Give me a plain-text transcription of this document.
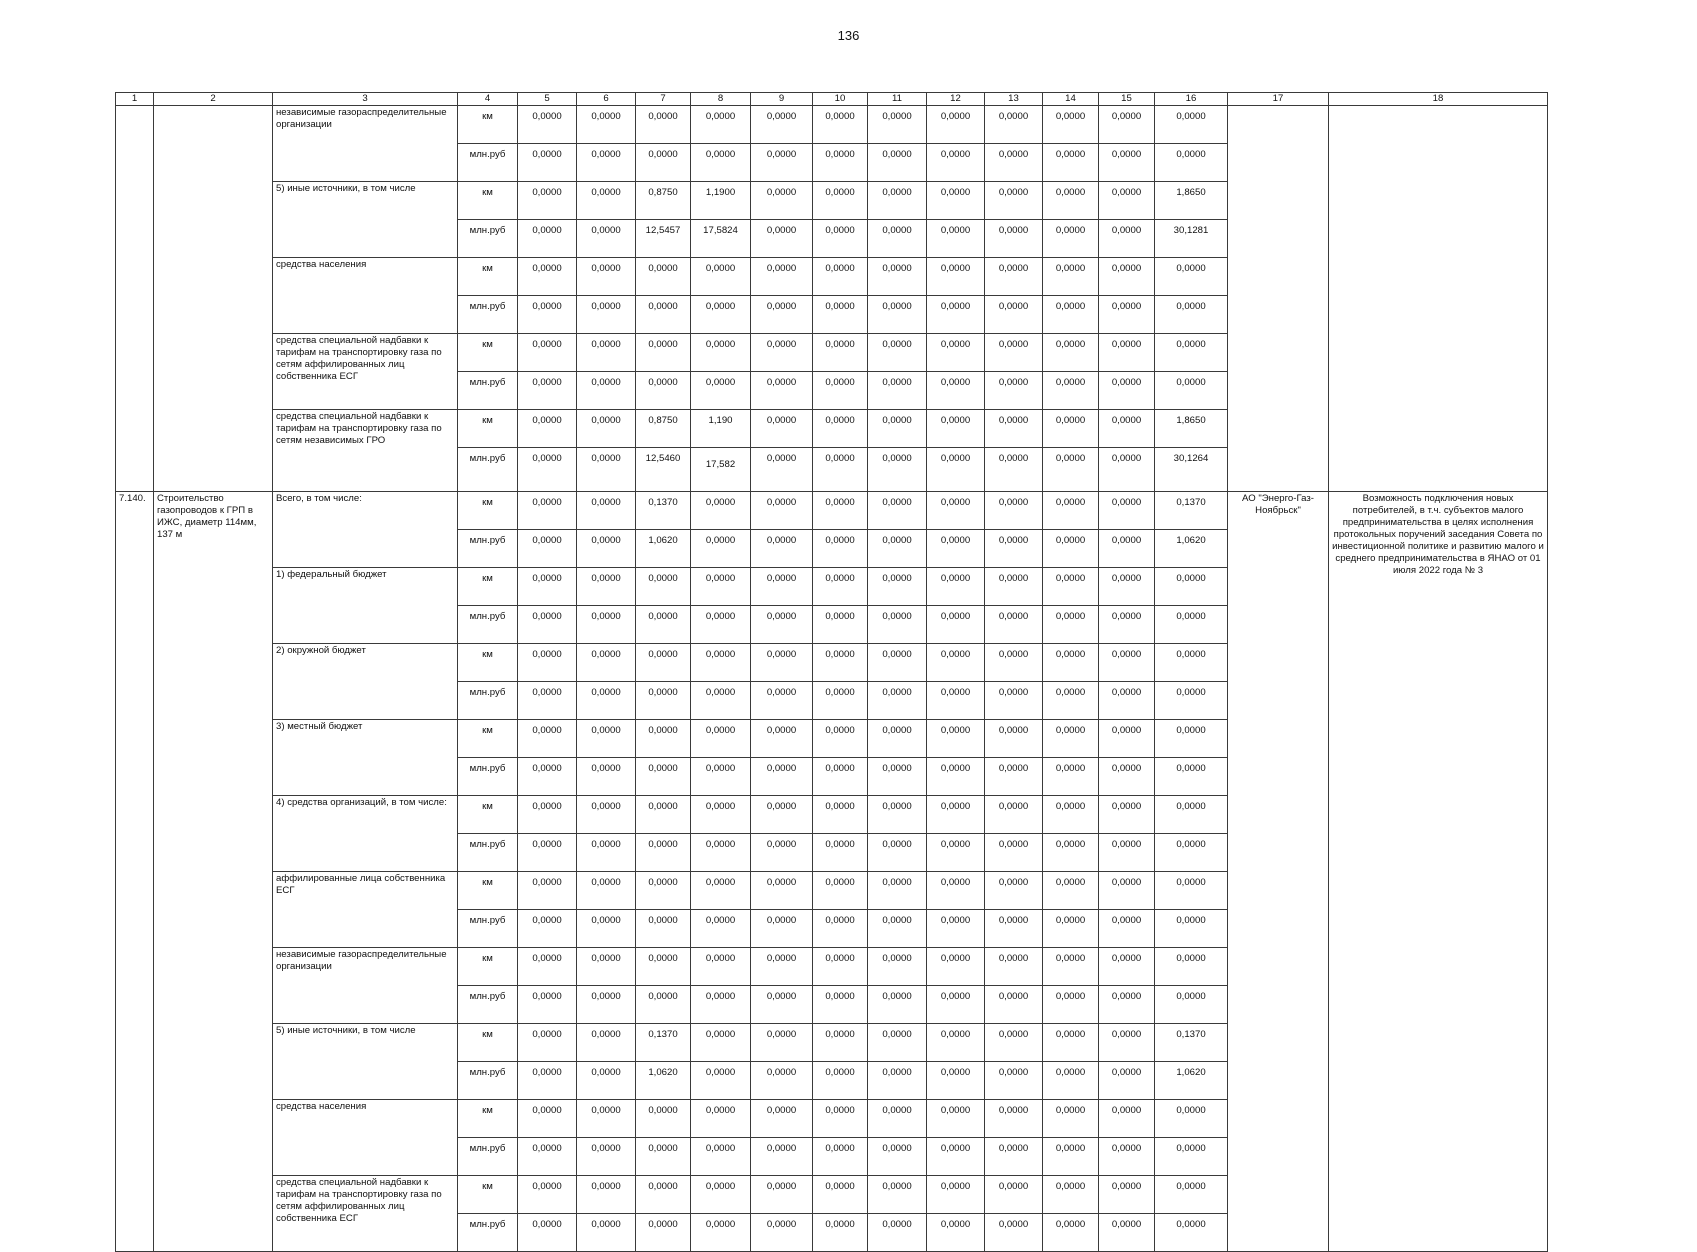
136
1	2	3	4	5	6	7	8	9	10	11	12	13	14	15	16	17	18
		независимые газораспределительные организации	км	0,0000	0,0000	0,0000	0,0000	0,0000	0,0000	0,0000	0,0000	0,0000	0,0000	0,0000	0,0000		
			млн.руб	0,0000	0,0000	0,0000	0,0000	0,0000	0,0000	0,0000	0,0000	0,0000	0,0000	0,0000	0,0000		
		5) иные источники, в том числе	км	0,0000	0,0000	0,8750	1,1900	0,0000	0,0000	0,0000	0,0000	0,0000	0,0000	0,0000	1,8650		
			млн.руб	0,0000	0,0000	12,5457	17,5824	0,0000	0,0000	0,0000	0,0000	0,0000	0,0000	0,0000	30,1281		
		средства населения	км	0,0000	0,0000	0,0000	0,0000	0,0000	0,0000	0,0000	0,0000	0,0000	0,0000	0,0000	0,0000		
			млн.руб	0,0000	0,0000	0,0000	0,0000	0,0000	0,0000	0,0000	0,0000	0,0000	0,0000	0,0000	0,0000		
		средства специальной надбавки к тарифам на транспортировку газа по сетям аффилированных лиц собственника ЕСГ	км	0,0000	0,0000	0,0000	0,0000	0,0000	0,0000	0,0000	0,0000	0,0000	0,0000	0,0000	0,0000		
			млн.руб	0,0000	0,0000	0,0000	0,0000	0,0000	0,0000	0,0000	0,0000	0,0000	0,0000	0,0000	0,0000		
		средства специальной надбавки к тарифам на транспортировку газа по сетям независимых ГРО	км	0,0000	0,0000	0,8750	1,190	0,0000	0,0000	0,0000	0,0000	0,0000	0,0000	0,0000	1,8650		
			млн.руб	0,0000	0,0000	12,5460	17,582	0,0000	0,0000	0,0000	0,0000	0,0000	0,0000	0,0000	30,1264		
7.140.	Строительство газопроводов к ГРП в ИЖС, диаметр 114мм, 137 м	Всего, в том числе:	км	0,0000	0,0000	0,1370	0,0000	0,0000	0,0000	0,0000	0,0000	0,0000	0,0000	0,0000	0,1370	АО "Энерго-Газ-Ноябрьск"	Возможность подключения новых потребителей, в т.ч. субъектов малого предпринимательства в целях исполнения протокольных поручений заседания Совета по инвестиционной политике и развитию малого и среднего предпринимательства в ЯНАО от 01 июля 2022 года № 3
			млн.руб	0,0000	0,0000	1,0620	0,0000	0,0000	0,0000	0,0000	0,0000	0,0000	0,0000	0,0000	1,0620		
		1) федеральный бюджет	км	0,0000	0,0000	0,0000	0,0000	0,0000	0,0000	0,0000	0,0000	0,0000	0,0000	0,0000	0,0000		
			млн.руб	0,0000	0,0000	0,0000	0,0000	0,0000	0,0000	0,0000	0,0000	0,0000	0,0000	0,0000	0,0000		
		2) окружной бюджет	км	0,0000	0,0000	0,0000	0,0000	0,0000	0,0000	0,0000	0,0000	0,0000	0,0000	0,0000	0,0000		
			млн.руб	0,0000	0,0000	0,0000	0,0000	0,0000	0,0000	0,0000	0,0000	0,0000	0,0000	0,0000	0,0000		
		3) местный бюджет	км	0,0000	0,0000	0,0000	0,0000	0,0000	0,0000	0,0000	0,0000	0,0000	0,0000	0,0000	0,0000		
			млн.руб	0,0000	0,0000	0,0000	0,0000	0,0000	0,0000	0,0000	0,0000	0,0000	0,0000	0,0000	0,0000		
		4) средства организаций, в том числе:	км	0,0000	0,0000	0,0000	0,0000	0,0000	0,0000	0,0000	0,0000	0,0000	0,0000	0,0000	0,0000		
			млн.руб	0,0000	0,0000	0,0000	0,0000	0,0000	0,0000	0,0000	0,0000	0,0000	0,0000	0,0000	0,0000		
		аффилированные лица собственника ЕСГ	км	0,0000	0,0000	0,0000	0,0000	0,0000	0,0000	0,0000	0,0000	0,0000	0,0000	0,0000	0,0000		
			млн.руб	0,0000	0,0000	0,0000	0,0000	0,0000	0,0000	0,0000	0,0000	0,0000	0,0000	0,0000	0,0000		
		независимые газораспределительные организации	км	0,0000	0,0000	0,0000	0,0000	0,0000	0,0000	0,0000	0,0000	0,0000	0,0000	0,0000	0,0000		
			млн.руб	0,0000	0,0000	0,0000	0,0000	0,0000	0,0000	0,0000	0,0000	0,0000	0,0000	0,0000	0,0000		
		5) иные источники, в том числе	км	0,0000	0,0000	0,1370	0,0000	0,0000	0,0000	0,0000	0,0000	0,0000	0,0000	0,0000	0,1370		
			млн.руб	0,0000	0,0000	1,0620	0,0000	0,0000	0,0000	0,0000	0,0000	0,0000	0,0000	0,0000	1,0620		
		средства населения	км	0,0000	0,0000	0,0000	0,0000	0,0000	0,0000	0,0000	0,0000	0,0000	0,0000	0,0000	0,0000		
			млн.руб	0,0000	0,0000	0,0000	0,0000	0,0000	0,0000	0,0000	0,0000	0,0000	0,0000	0,0000	0,0000		
		средства специальной надбавки к тарифам на транспортировку газа по сетям аффилированных лиц собственника ЕСГ	км	0,0000	0,0000	0,0000	0,0000	0,0000	0,0000	0,0000	0,0000	0,0000	0,0000	0,0000	0,0000		
			млн.руб	0,0000	0,0000	0,0000	0,0000	0,0000	0,0000	0,0000	0,0000	0,0000	0,0000	0,0000	0,0000		
